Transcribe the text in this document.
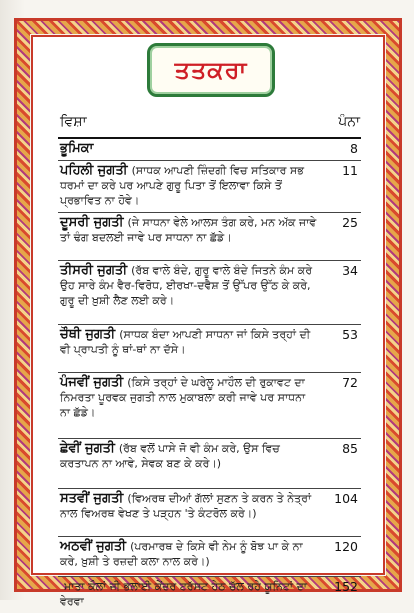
ਤਤਕਰਾ
ਵਿਸ਼ਾ	ਪੰਨਾ
ਭੂਮਿਕਾ	8
ਪਹਿਲੀ ਜੁਗਤੀ (ਸਾਧਕ ਆਪਣੀ ਜ਼ਿੰਦਗੀ ਵਿਚ ਸਤਿਕਾਰ ਸਭ ਧਰਮਾਂ ਦਾ ਕਰੇ ਪਰ ਆਪਣੇ ਗੁਰੂ ਪਿਤਾ ਤੋਂ ਇਲਾਵਾ ਕਿਸੇ ਤੋਂ ਪ੍ਰਭਾਵਿਤ ਨਾ ਹੋਵੇ।
11
ਦੂਸਰੀ ਜੁਗਤੀ (ਜੇ ਸਾਧਨਾ ਵੇਲੇ ਆਲਸ ਤੰਗ ਕਰੇ, ਮਨ ਅੱਕ ਜਾਵੇ ਤਾਂ ਢੰਗ ਬਦਲਈ ਜਾਵੇ ਪਰ ਸਾਧਨਾ ਨਾ ਛੱਡੇ।
25
ਤੀਸਰੀ ਜੁਗਤੀ (ਰੱਬ ਵਾਲੇ ਬੰਦੇ, ਗੁਰੂ ਵਾਲੇ ਬੰਦੇ ਜਿਤਨੇ ਕੰਮ ਕਰੇ ਉਹ ਸਾਰੇ ਕੰਮ ਵੈਰ-ਵਿਰੋਧ, ਈਰਖਾ-ਦਵੈਸ਼ ਤੋਂ ਉੱਪਰ ਉੱਠ ਕੇ ਕਰੇ, ਗੁਰੂ ਦੀ ਖ਼ੁਸ਼ੀ ਲੈਣ ਲਈ ਕਰੇ।
34
ਚੌਥੀ ਜੁਗਤੀ (ਸਾਧਕ ਬੰਦਾ ਆਪਣੀ ਸਾਧਨਾ ਜਾਂ ਕਿਸੇ ਤਰ੍ਹਾਂ ਦੀ ਵੀ ਪ੍ਰਾਪਤੀ ਨੂੰ ਥਾਂ-ਥਾਂ ਨਾ ਦੱਸੇ।
53
ਪੰਜਵੀਂ ਜੁਗਤੀ (ਕਿਸੇ ਤਰ੍ਹਾਂ ਦੇ ਘਰੇਲੂ ਮਾਹੌਲ ਦੀ ਰੁਕਾਵਟ ਦਾ ਨਿਮਰਤਾ ਪੂਰਵਕ ਜੁਗਤੀ ਨਾਲ ਮੁਕਾਬਲਾ ਕਰੀ ਜਾਵੇ ਪਰ ਸਾਧਨਾ ਨਾ ਛੱਡੇ।
72
ਛੇਵੀਂ ਜੁਗਤੀ (ਰੱਬ ਵਲੋਂ ਪਾਸੇ ਜੋ ਵੀ ਕੰਮ ਕਰੇ, ਉਸ ਵਿਚ ਕਰਤਾਪਨ ਨਾ ਆਵੇ, ਸੇਵਕ ਬਣ ਕੇ ਕਰੇ।)
85
ਸਤਵੀਂ ਜੁਗਤੀ (ਵਿਅਰਥ ਦੀਆਂ ਗੱਲਾਂ ਸੁਣਨ ਤੇ ਕਰਨ ਤੇ ਨੇਤ੍ਰਾਂ ਨਾਲ ਵਿਅਰਥ ਵੇਖਣ ਤੇ ਪੜ੍ਹਨ 'ਤੇ ਕੰਟਰੋਲ ਕਰੇ।)
104
ਅਠਵੀਂ ਜੁਗਤੀ (ਪਰਮਾਰਥ ਦੇ ਕਿਸੇ ਵੀ ਨੇਮ ਨੂੰ ਬੋਝ ਪਾ ਕੇ ਨਾ ਕਰੇ, ਖ਼ੁਸ਼ੀ ਤੇ ਰਜ਼ਦੀ ਕਲਾ ਨਾਲ ਕਰੇ।)
120
ਮਾਤਾ ਕੌਲਾਂ ਜੀ ਭਲਾਈ ਕੇਂਦਰ ਟਰੱਸਟ ਹੇਠ ਚੱਲ ਰਹੇ ਯੂਨਿਟਾਂ ਦਾ ਵੇਰਵਾ
152
